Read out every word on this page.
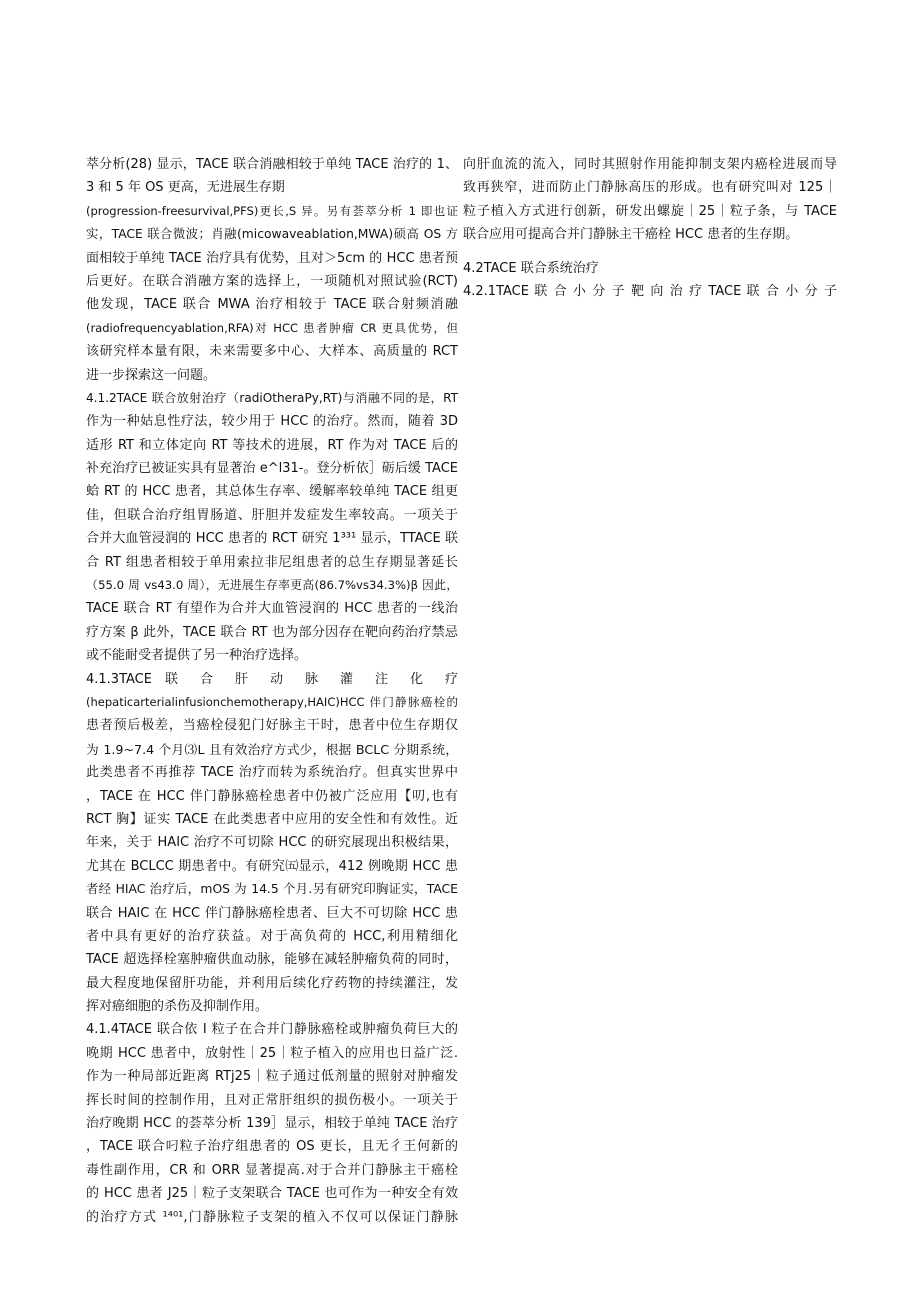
萃分析(28) 显示，TACE 联合消融相较于单纯 TACE 治疗的 1、
3 和 5 年 OS 更高，无进展生存期
(progression-freesurvival,PFS)更长,S 异。另有荟萃分析 1 即也证
实，TACE 联合微波；肖融(micowaveablation,MWA)硕高 OS 方
面相较于单纯 TACE 治疗具有优势，且对＞5cm 的 HCC 患者预
后更好。在联合消融方案的选择上，一项随机对照试验(RCT)
他发现，TACE 联合 MWA 治疗相较于 TACE 联合射频消融
(radiofrequencyablation,RFA)对 HCC 患者肿瘤 CR 更具优势，但
该研究样本量有限，未来需要多中心、大样本、高质量的 RCT
进一步探索这一问题。
4.1.2TACE 联合放射治疗（radiOtheraPy,RT)与消融不同的是，RT
作为一种姑息性疗法，较少用于 HCC 的治疗。然而，随着 3D
适形 RT 和立体定向 RT 等技术的进展，RT 作为对 TACE 后的
补充治疗已被证实具有显著治 e^l31-。登分析依］砺后缓 TACE
蛤 RT 的 HCC 患者，其总体生存率、缓解率较单纯 TACE 组更
佳，但联合治疗组胃肠道、肝胆并发症发生率较高。一项关于
合并大血管浸润的 HCC 患者的 RCT 研究 1³³¹ 显示，TTACE 联
合 RT 组患者相较于单用索拉非尼组患者的总生存期显著延长
（55.0 周 vs43.0 周），无进展生存率更高(86.7%vs34.3%)β 因此，
TACE 联合 RT 有望作为合并大血管浸润的 HCC 患者的一线治
疗方案 β 此外，TACE 联合 RT 也为部分因存在靶向药治疗禁忌
或不能耐受者提供了另一种治疗选择。
4.1.3TACE 联 合 肝 动 脉 灌 注 化 疗
(hepaticarterialinfusionchemotherapy,HAIC)HCC 伴门静脉癌栓的
患者预后极差，当癌栓侵犯门好脉主干时，患者中位生存期仅
为 1.9~7.4 个月⑶L 且有效治疗方式少，根据 BCLC 分期系统，
此类患者不再推荐 TACE 治疗而转为系统治疗。但真实世界中
，TACE 在 HCC 伴门静脉癌栓患者中仍被广泛应用【叨,也有
RCT 胸】证实 TACE 在此类患者中应用的安全性和有效性。近
年来，关于 HAIC 治疗不可切除 HCC 的研究展现出积极结果，
尤其在 BCLCC 期患者中。有研究㈤显示，412 例晚期 HCC 患
者经 HIAC 治疗后，mOS 为 14.5 个月.另有研究印胸证实，TACE
联合 HAIC 在 HCC 伴门静脉癌栓患者、巨大不可切除 HCC 患
者中具有更好的治疗获益。对于高负荷的 HCC,利用精细化
TACE 超选择栓塞肿瘤供血动脉，能够在减轻肿瘤负荷的同时，
最大程度地保留肝功能，并利用后续化疗药物的持续灌注，发
挥对癌细胞的杀伤及抑制作用。
4.1.4TACE 联合依 I 粒子在合并门静脉癌栓或肿瘤负荷巨大的
晚期 HCC 患者中，放射性｜25｜粒子植入的应用也日益广泛.
作为一种局部近距离 RTj25｜粒子通过低剂量的照射对肿瘤发
挥长时间的控制作用，且对正常肝组织的损伤极小。一项关于
治疗晚期 HCC 的荟萃分析 139］显示，相较于单纯 TACE 治疗
，TACE 联合叼粒子治疗组患者的 OS 更长，且无彳王何新的
毒性副作用，CR 和 ORR 显著提高.对于合并门静脉主干癌栓
的 HCC 患者 J25｜粒子支架联合 TACE 也可作为一种安全有效
的治疗方式 ¹⁴⁰¹,门静脉粒子支架的植入不仅可以保证门静脉
向肝血流的流入，同时其照射作用能抑制支架内癌栓进展而导
致再狭窄，进而防止门静脉高压的形成。也有研究叫对 125｜
粒子植入方式进行创新，研发出螺旋｜25｜粒子条，与 TACE
联合应用可提高合并门静脉主干癌栓 HCC 患者的生存期。
4.2TACE 联合系统治疗
4.2.1TACE 联 合 小 分 子 靶 向 治 疗 TACE 联 合 小 分 子
